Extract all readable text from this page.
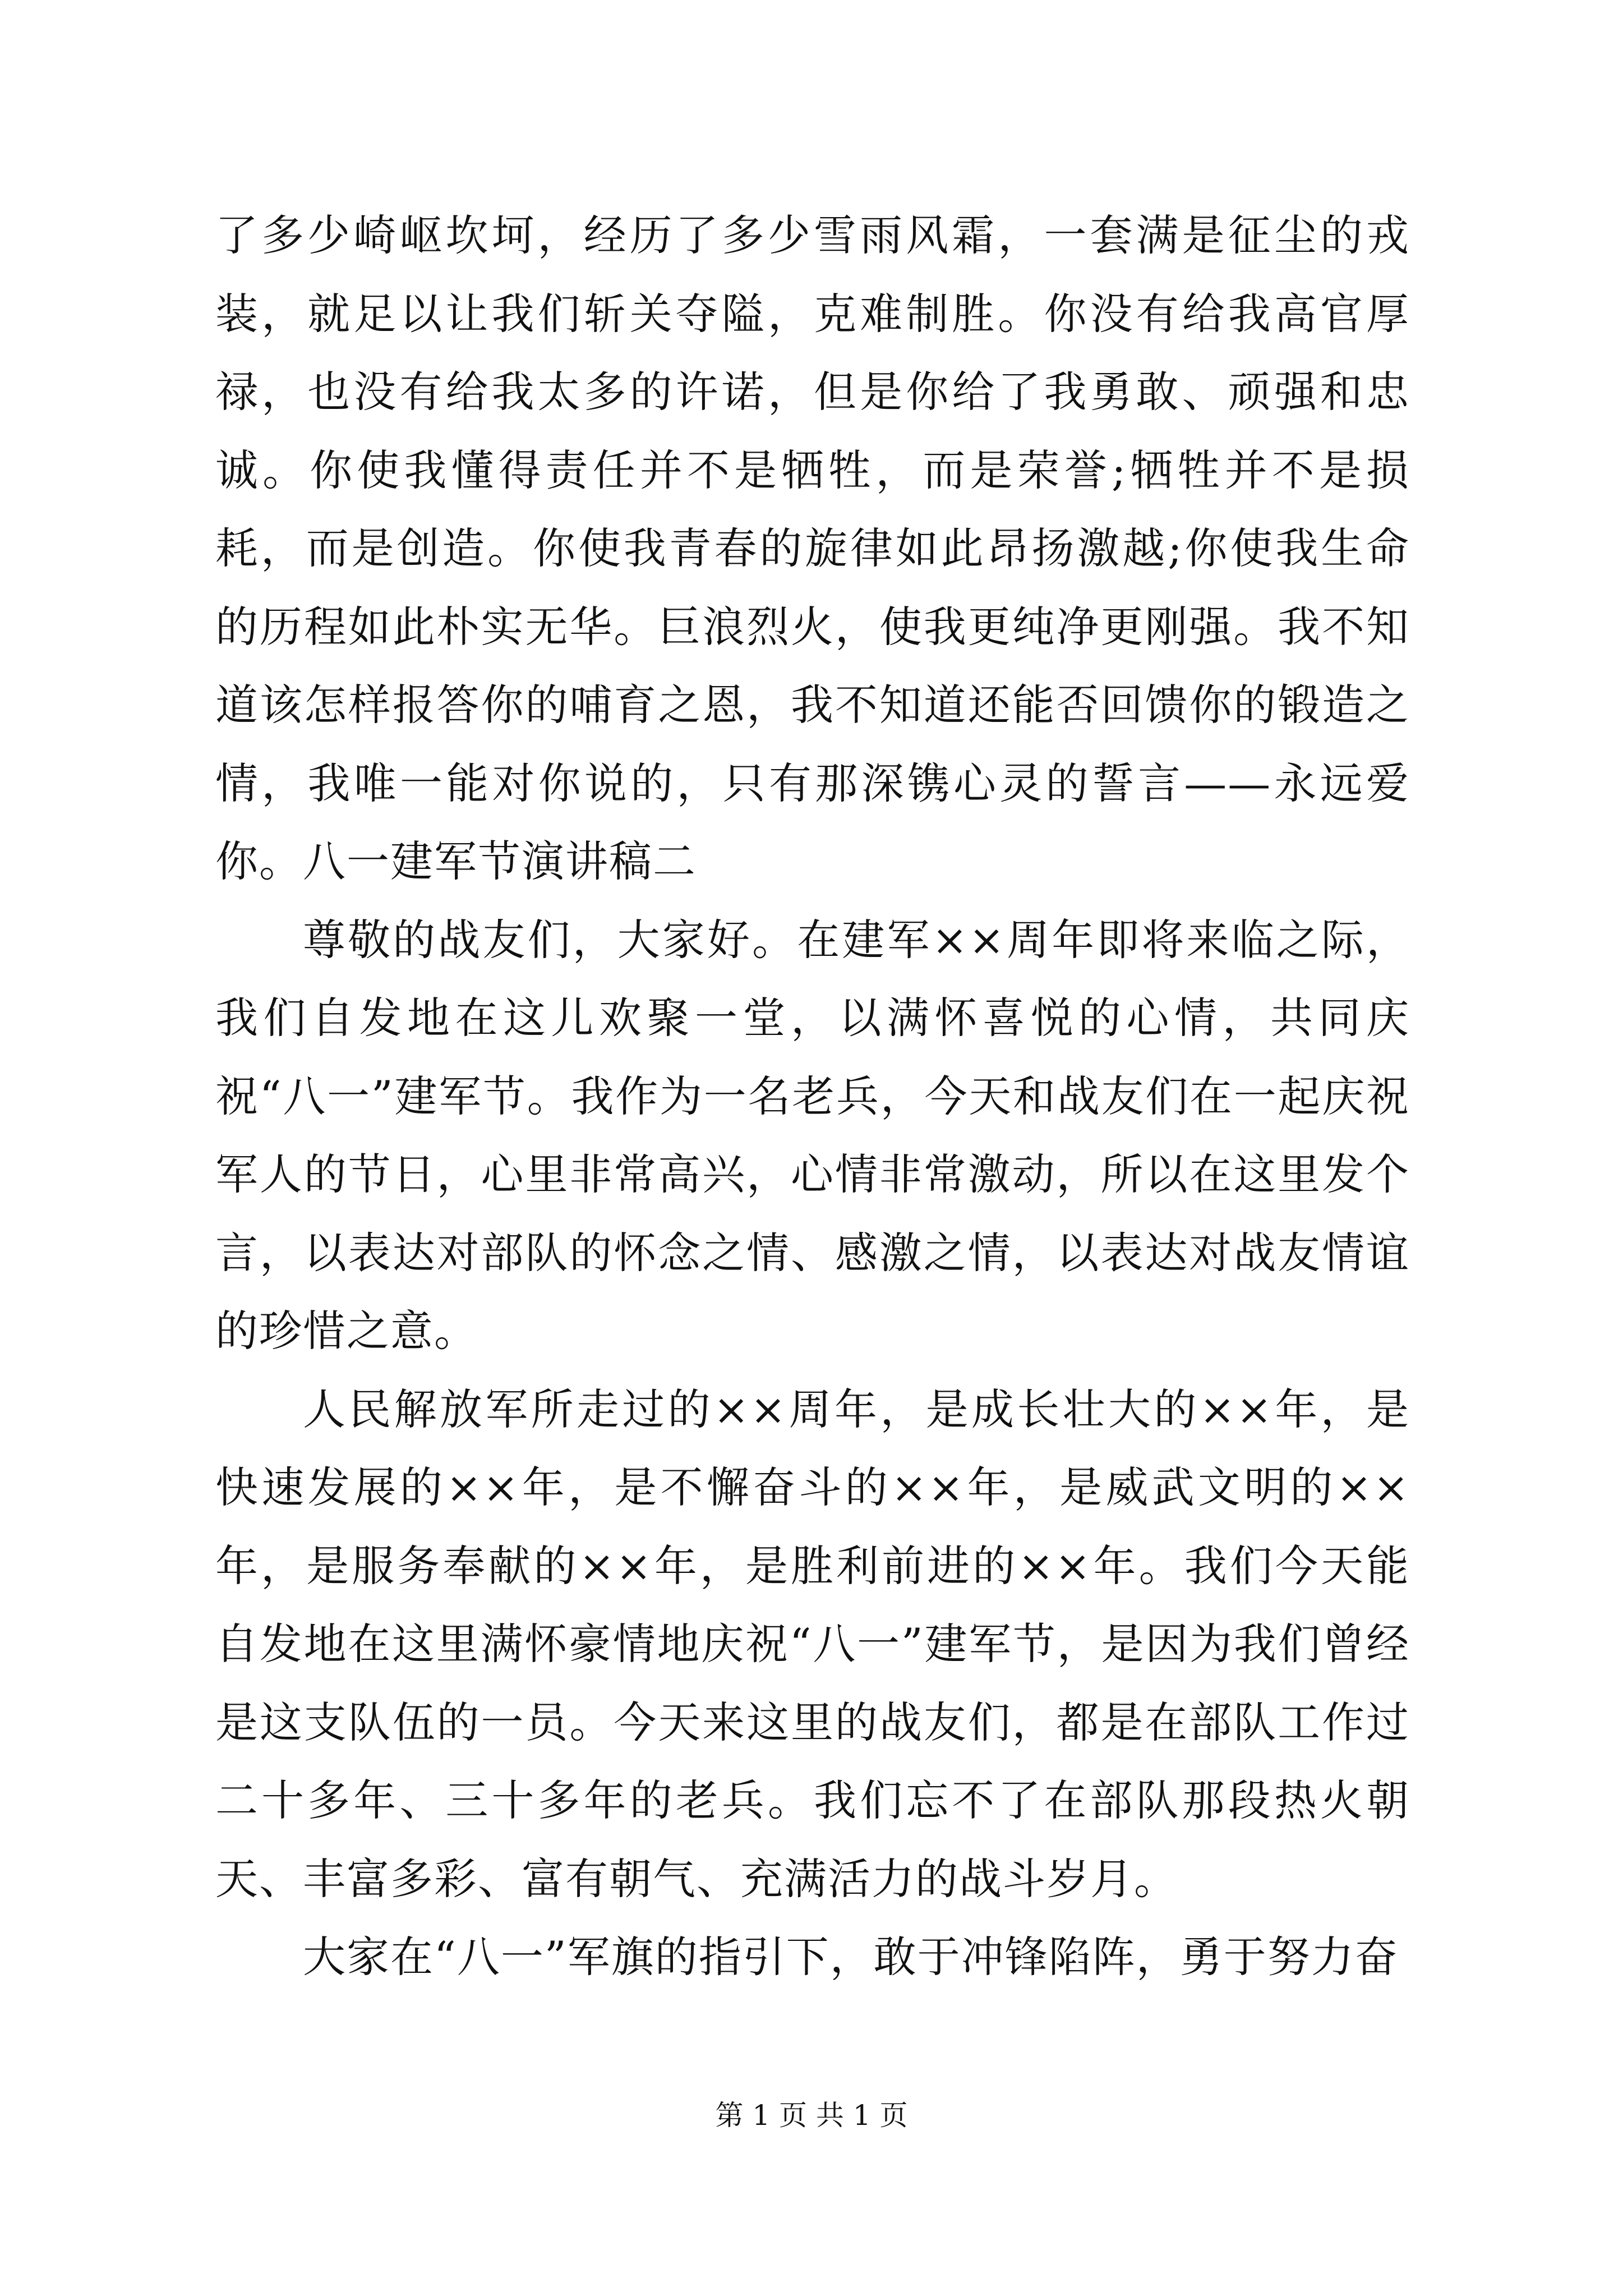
了多少崎岖坎坷，经历了多少雪雨风霜，一套满是征尘的戎装，就足以让我们斩关夺隘，克难制胜。你没有给我高官厚禄，也没有给我太多的许诺，但是你给了我勇敢、顽强和忠诚。你使我懂得责任并不是牺牲，而是荣誉;牺牲并不是损耗，而是创造。你使我青春的旋律如此昂扬激越;你使我生命的历程如此朴实无华。巨浪烈火，使我更纯净更刚强。我不知道该怎样报答你的哺育之恩，我不知道还能否回馈你的锻造之情，我唯一能对你说的，只有那深镌心灵的誓言——永远爱你。八一建军节演讲稿二

尊敬的战友们，大家好。在建军××周年即将来临之际，我们自发地在这儿欢聚一堂，以满怀喜悦的心情，共同庆祝“八一”建军节。我作为一名老兵，今天和战友们在一起庆祝军人的节日，心里非常高兴，心情非常激动，所以在这里发个言，以表达对部队的怀念之情、感激之情，以表达对战友情谊的珍惜之意。

人民解放军所走过的××周年，是成长壮大的××年，是快速发展的××年，是不懈奋斗的××年，是威武文明的××年，是服务奉献的××年，是胜利前进的××年。我们今天能自发地在这里满怀豪情地庆祝“八一”建军节，是因为我们曾经是这支队伍的一员。今天来这里的战友们，都是在部队工作过二十多年、三十多年的老兵。我们忘不了在部队那段热火朝天、丰富多彩、富有朝气、充满活力的战斗岁月。

大家在“八一”军旗的指引下，敢于冲锋陷阵，勇于努力奋

第 1 页 共 1 页
